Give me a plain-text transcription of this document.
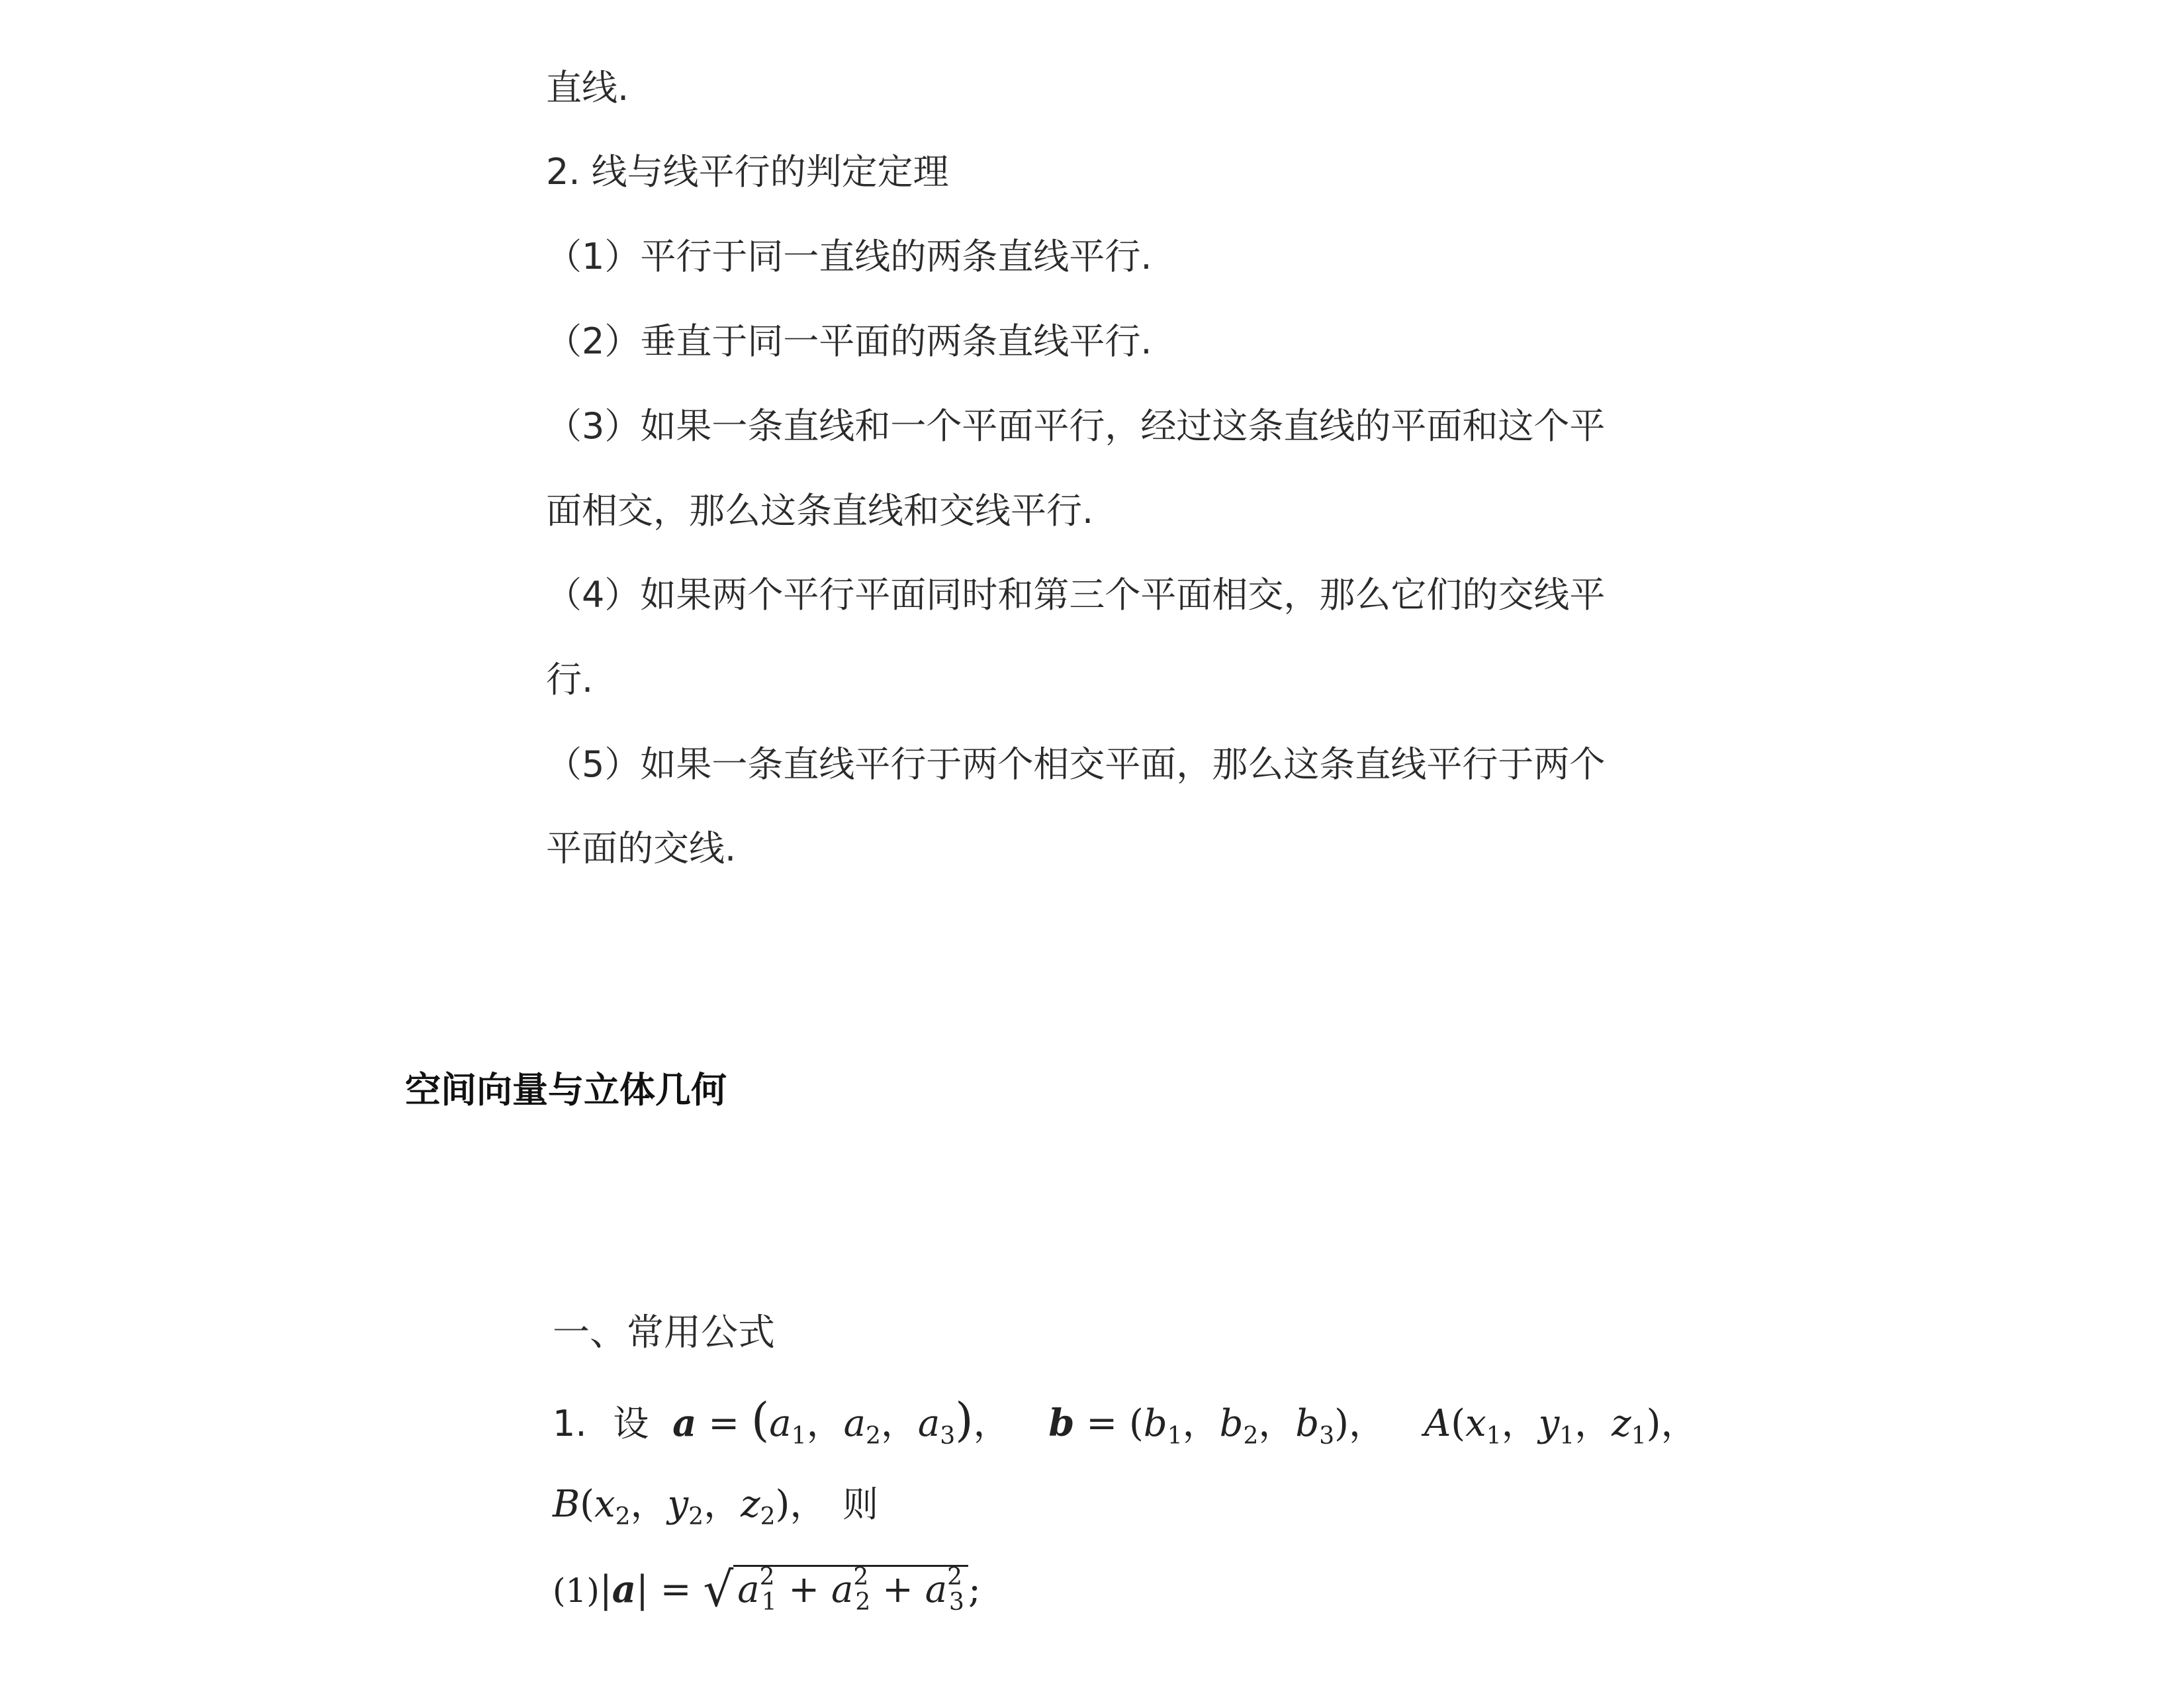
直线.
2. 线与线平行的判定定理
（1）平行于同一直线的两条直线平行.
（2）垂直于同一平面的两条直线平行.
（3）如果一条直线和一个平面平行，经过这条直线的平面和这个平
面相交，那么这条直线和交线平行.
（4）如果两个平行平面同时和第三个平面相交，那么它们的交线平
行.
（5）如果一条直线平行于两个相交平面，那么这条直线平行于两个
平面的交线.
空间向量与立体几何
一、常用公式
1. 设 $a = (a_1$，$a_2$，$a_3$)， $b = (b_1$，$b_2$，$b_3$)， $A(x_1$，$y_1$，$z_1$)，
$B(x_2$，$y_2$，$z_2$)， 则
(1)|a| = √ $a^2_1 + a^2_2 + a^2_3$ ;
